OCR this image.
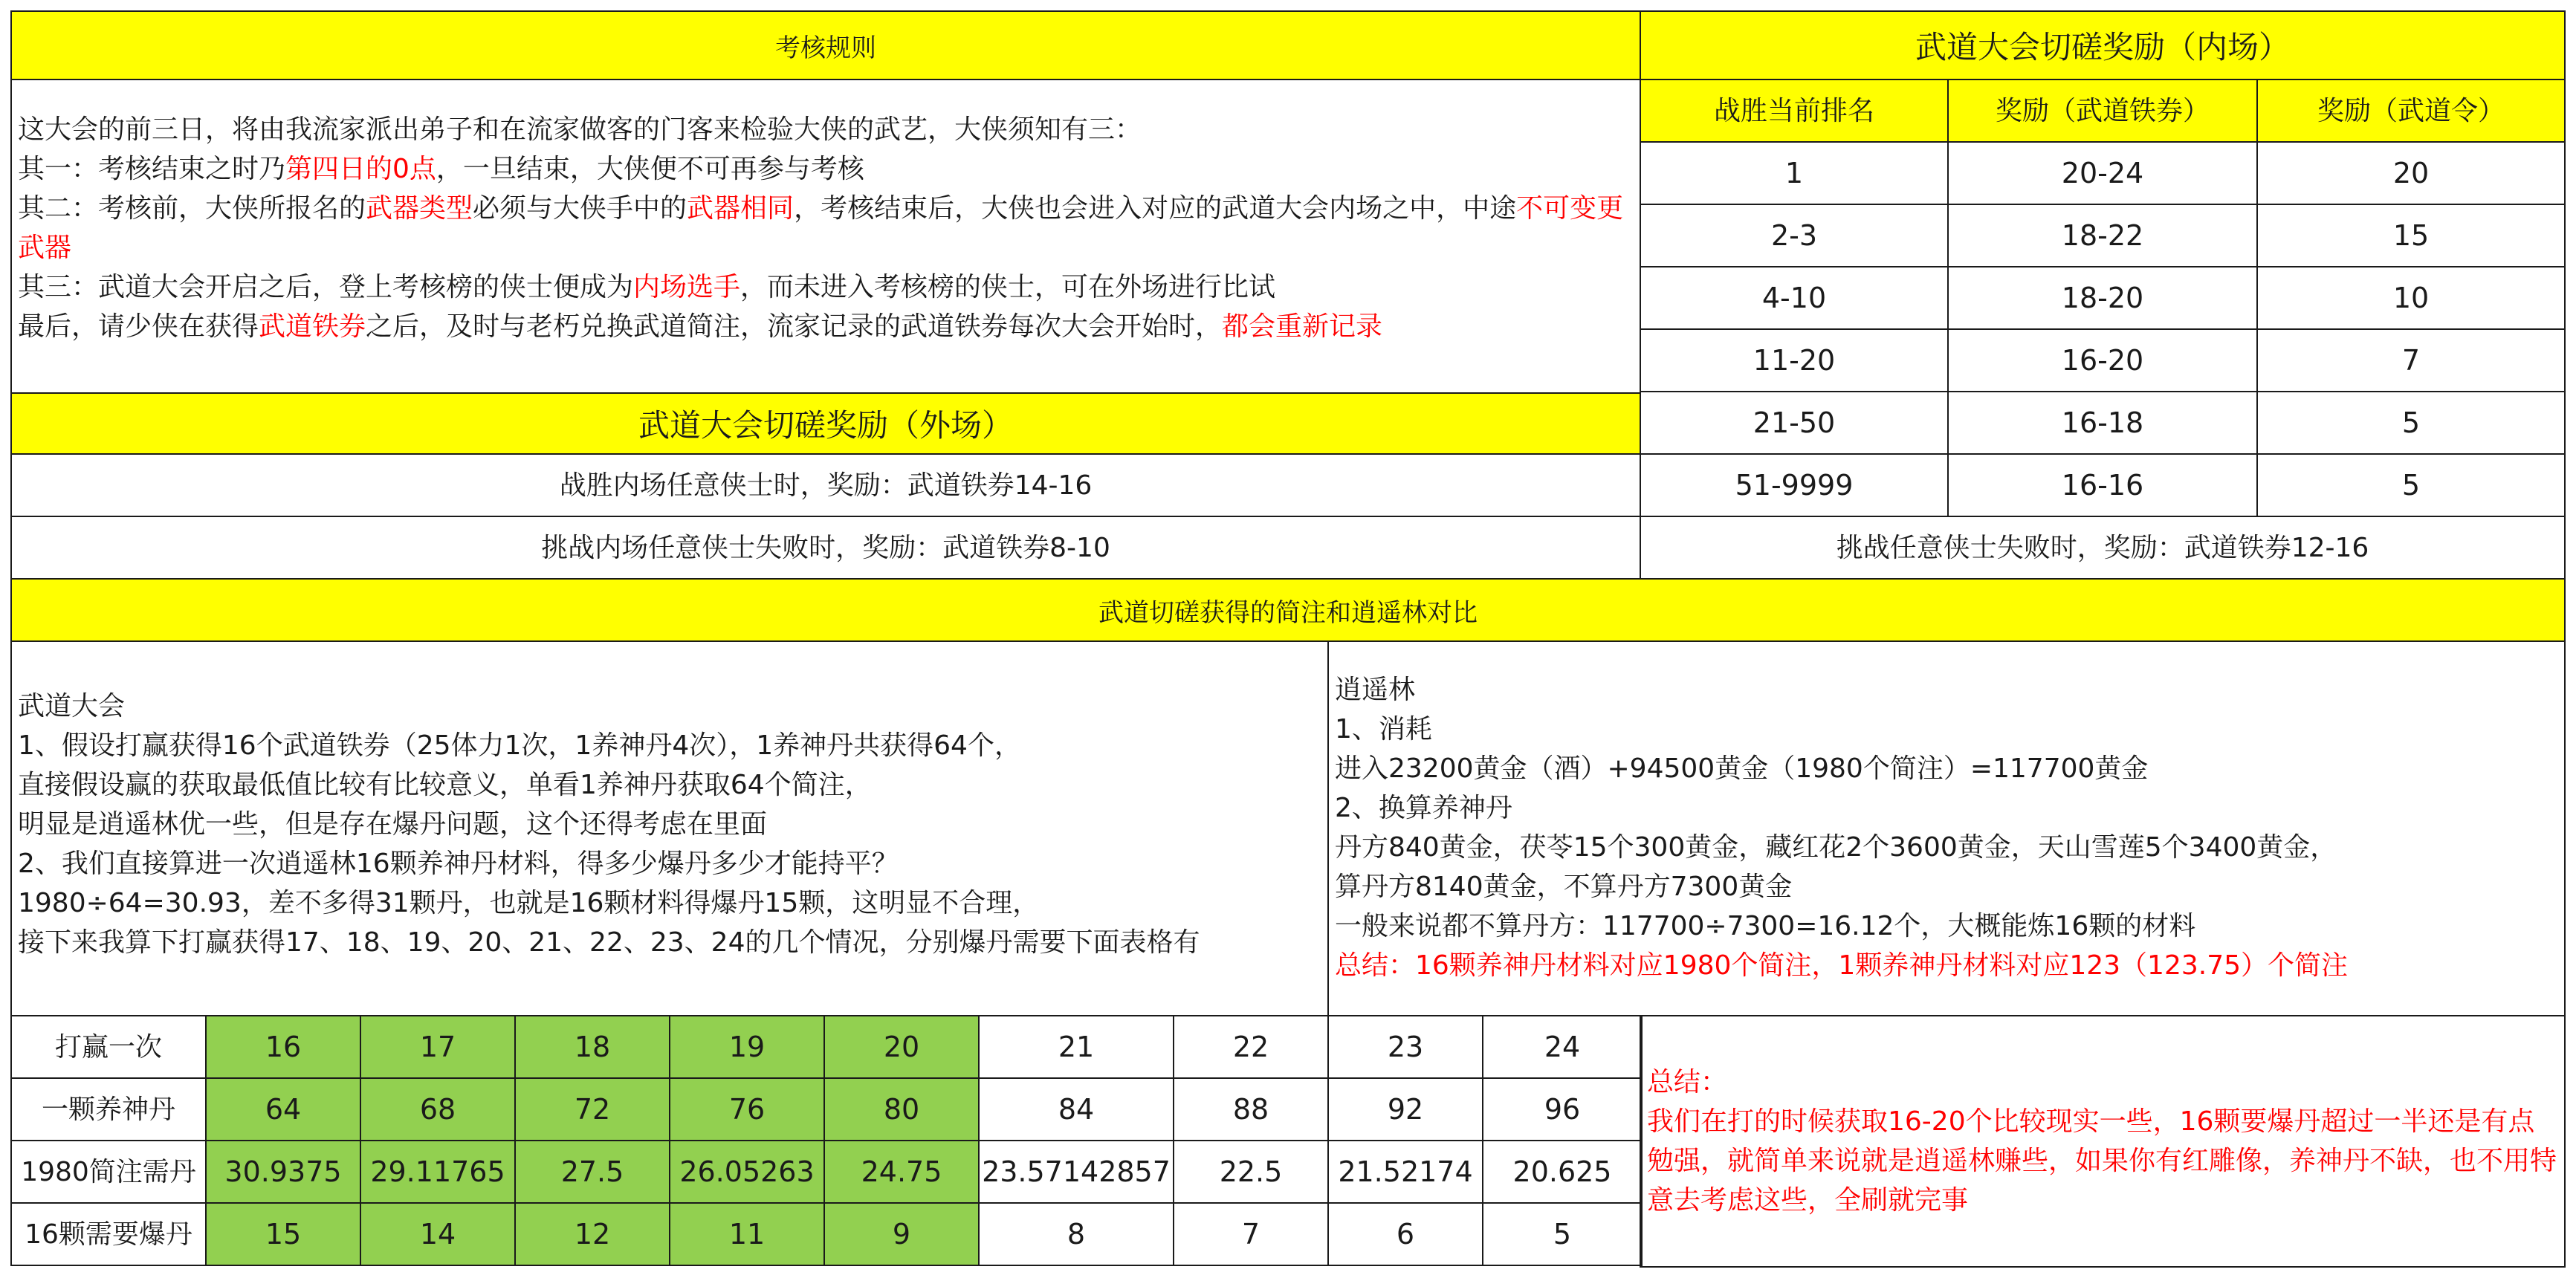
考核规则
这大会的前三日，将由我流家派出弟子和在流家做客的门客来检验大侠的武艺，大侠须知有三：
其一：考核结束之时乃第四日的0点，一旦结束，大侠便不可再参与考核
其二：考核前，大侠所报名的武器类型必须与大侠手中的武器相同，考核结束后，大侠也会进入对应的武道大会内场之中，中途不可变更武器
其三：武道大会开启之后，登上考核榜的侠士便成为内场选手，而未进入考核榜的侠士，可在外场进行比试
最后，请少侠在获得武道铁券之后，及时与老朽兑换武道简注，流家记录的武道铁券每次大会开始时，都会重新记录
武道大会切磋奖励（外场）
战胜内场任意侠士时，奖励：武道铁券14-16
挑战内场任意侠士失败时，奖励：武道铁券8-10
武道大会切磋奖励（内场）
战胜当前排名	奖励（武道铁券）	奖励（武道令）
1	20-24	20
2-3	18-22	15
4-10	18-20	10
11-20	16-20	7
21-50	16-18	5
51-9999	16-16	5
挑战任意侠士失败时，奖励：武道铁券12-16
武道切磋获得的简注和逍遥林对比
武道大会
1、假设打赢获得16个武道铁券（25体力1次，1养神丹4次），1养神丹共获得64个，
直接假设赢的获取最低值比较有比较意义，单看1养神丹获取64个简注，
明显是逍遥林优一些，但是存在爆丹问题，这个还得考虑在里面
2、我们直接算进一次逍遥林16颗养神丹材料，得多少爆丹多少才能持平？
1980÷64=30.93，差不多得31颗丹，也就是16颗材料得爆丹15颗，这明显不合理，
接下来我算下打赢获得17、18、19、20、21、22、23、24的几个情况，分别爆丹需要下面表格有
逍遥林
1、消耗
进入23200黄金（酒）+94500黄金（1980个简注）=117700黄金
2、换算养神丹
丹方840黄金，茯苓15个300黄金，藏红花2个3600黄金，天山雪莲5个3400黄金，
算丹方8140黄金，不算丹方7300黄金
一般来说都不算丹方：117700÷7300=16.12个，大概能炼16颗的材料
总结：16颗养神丹材料对应1980个简注，1颗养神丹材料对应123（123.75）个简注
打赢一次	16	17	18	19	20	21	22	23	24
一颗养神丹	64	68	72	76	80	84	88	92	96
1980简注需丹 30.9375 29.11765 27.5 26.05263 24.75 23.57142857 22.5 21.52174 20.625
16颗需要爆丹	15	14	12	11	9	8	7	6	5
总结：
我们在打的时候获取16-20个比较现实一些，16颗要爆丹超过一半还是有点勉强，就简单来说就是逍遥林赚些，如果你有红雕像，养神丹不缺，也不用特意去考虑这些，全刷就完事
